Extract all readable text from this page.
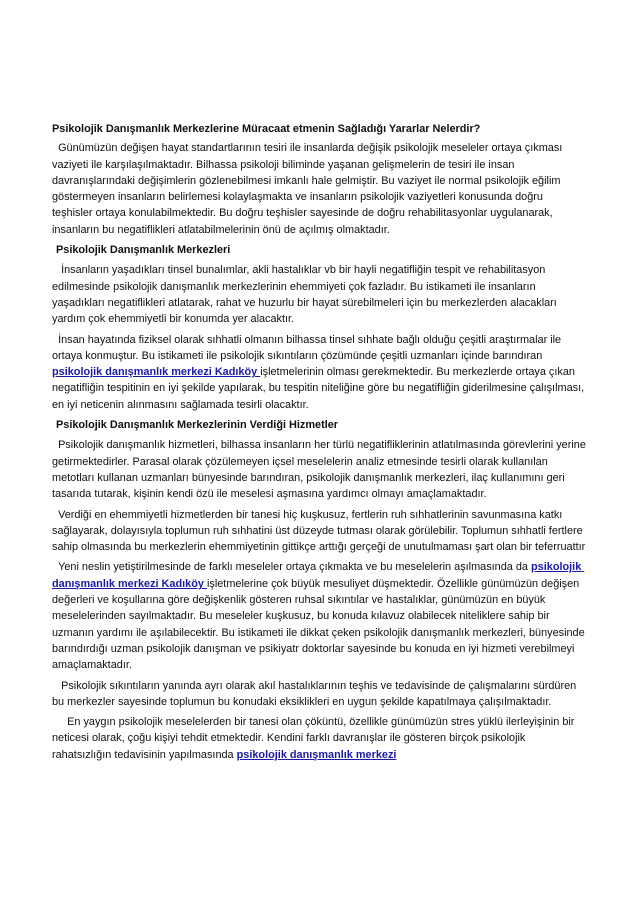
Psikolojik Danışmanlık Merkezlerine Müracaat etmenin Sağladığı Yararlar Nelerdir?

Günümüzün değişen hayat standartlarının tesiri ile insanlarda değişik psikolojik meseleler ortaya çıkması vaziyeti ile karşılaşılmaktadır. Bilhassa psikoloji biliminde yaşanan gelişmelerin de tesiri ile insan davranışlarındaki değişimlerin gözlenebilmesi imkanlı hale gelmiştir. Bu vaziyet ile normal psikolojik eğilim göstermeyen insanların belirlemesi kolaylaşmakta ve insanların psikolojik vaziyetleri konusunda doğru teşhisler ortaya konulabilmektedir. Bu doğru teşhisler sayesinde de doğru rehabilitasyonlar uygulanarak, insanların bu negatiflikleri atlatabilmelerinin önü de açılmış olmaktadır.

Psikolojik Danışmanlık Merkezleri

İnsanların yaşadıkları tinsel bunalımlar, akli hastalıklar vb bir hayli negatifliğin tespit ve rehabilitasyon edilmesinde psikolojik danışmanlık merkezlerinin ehemmiyeti çok fazladır. Bu istikameti ile insanların yaşadıkları negatiflikleri atlatarak, rahat ve huzurlu bir hayat sürebilmeleri için bu merkezlerden alacakları yardım çok ehemmiyetli bir konumda yer alacaktır.

İnsan hayatında fiziksel olarak sıhhatli olmanın bilhassa tinsel sıhhate bağlı olduğu çeşitli araştırmalar ile ortaya konmuştur. Bu istikameti ile psikolojik sıkıntıların çözümünde çeşitli uzmanları içinde barındıran psikolojik danışmanlık merkezi Kadıköy işletmelerinin olması gerekmektedir. Bu merkezlerde ortaya çıkan negatifliğin tespitinin en iyi şekilde yapılarak, bu tespitin niteliğine göre bu negatifliğin giderilmesine çalışılması, en iyi neticenin alınmasını sağlamada tesirli olacaktır.

Psikolojik Danışmanlık Merkezlerinin Verdiği Hizmetler

Psikolojik danışmanlık hizmetleri, bilhassa insanların her türlü negatifliklerinin atlatılmasında görevlerini yerine getirmektedirler. Parasal olarak çözülemeyen içsel meselelerin analiz etmesinde tesirli olarak kullanılan metotları kullanan uzmanları bünyesinde barındıran, psikolojik danışmanlık merkezleri, ilaç kullanımını geri tasarıda tutarak, kişinin kendi özü ile meselesi aşmasına yardımcı olmayı amaçlamaktadır.

Verdiği en ehemmiyetli hizmetlerden bir tanesi hiç kuşkusuz, fertlerin ruh sıhhatlerinin savunmasına katkı sağlayarak, dolayısıyla toplumun ruh sıhhatini üst düzeyde tutması olarak görülebilir. Toplumun sıhhatli fertlere sahip olmasında bu merkezlerin ehemmiyetinin gittikçe arttığı gerçeği de unutulmaması şart olan bir teferruattır

Yeni neslin yetiştirilmesinde de farklı meseleler ortaya çıkmakta ve bu meselelerin aşılmasında da psikolojik danışmanlık merkezi Kadıköy işletmelerine çok büyük mesuliyet düşmektedir. Özellikle günümüzün değişen değerleri ve koşullarına göre değişkenlik gösteren ruhsal sıkıntılar ve hastalıklar, günümüzün en büyük meselelerinden sayılmaktadır. Bu meseleler kuşkusuz, bu konuda kılavuz olabilecek niteliklere sahip bir uzmanın yardımı ile aşılabilecektir. Bu istikameti ile dikkat çeken psikolojik danışmanlık merkezleri, bünyesinde barındırdığı uzman psikolojik danışman ve psikiyatr doktorlar sayesinde bu konuda en iyi hizmeti verebilmeyi amaçlamaktadır.

Psikolojik sıkıntıların yanında ayrı olarak akıl hastalıklarının teşhis ve tedavisinde de çalışmalarını sürdüren bu merkezler sayesinde toplumun bu konudaki eksiklikleri en uygun şekilde kapatılmaya çalışılmaktadır.

En yaygın psikolojik meselelerden bir tanesi olan çöküntü, özellikle günümüzün stres yüklü ilerleyişinin bir neticesi olarak, çoğu kişiyi tehdit etmektedir. Kendini farklı davranışlar ile gösteren birçok psikolojik rahatsızlığın tedavisinin yapılmasında psikolojik danışmanlık merkezi
